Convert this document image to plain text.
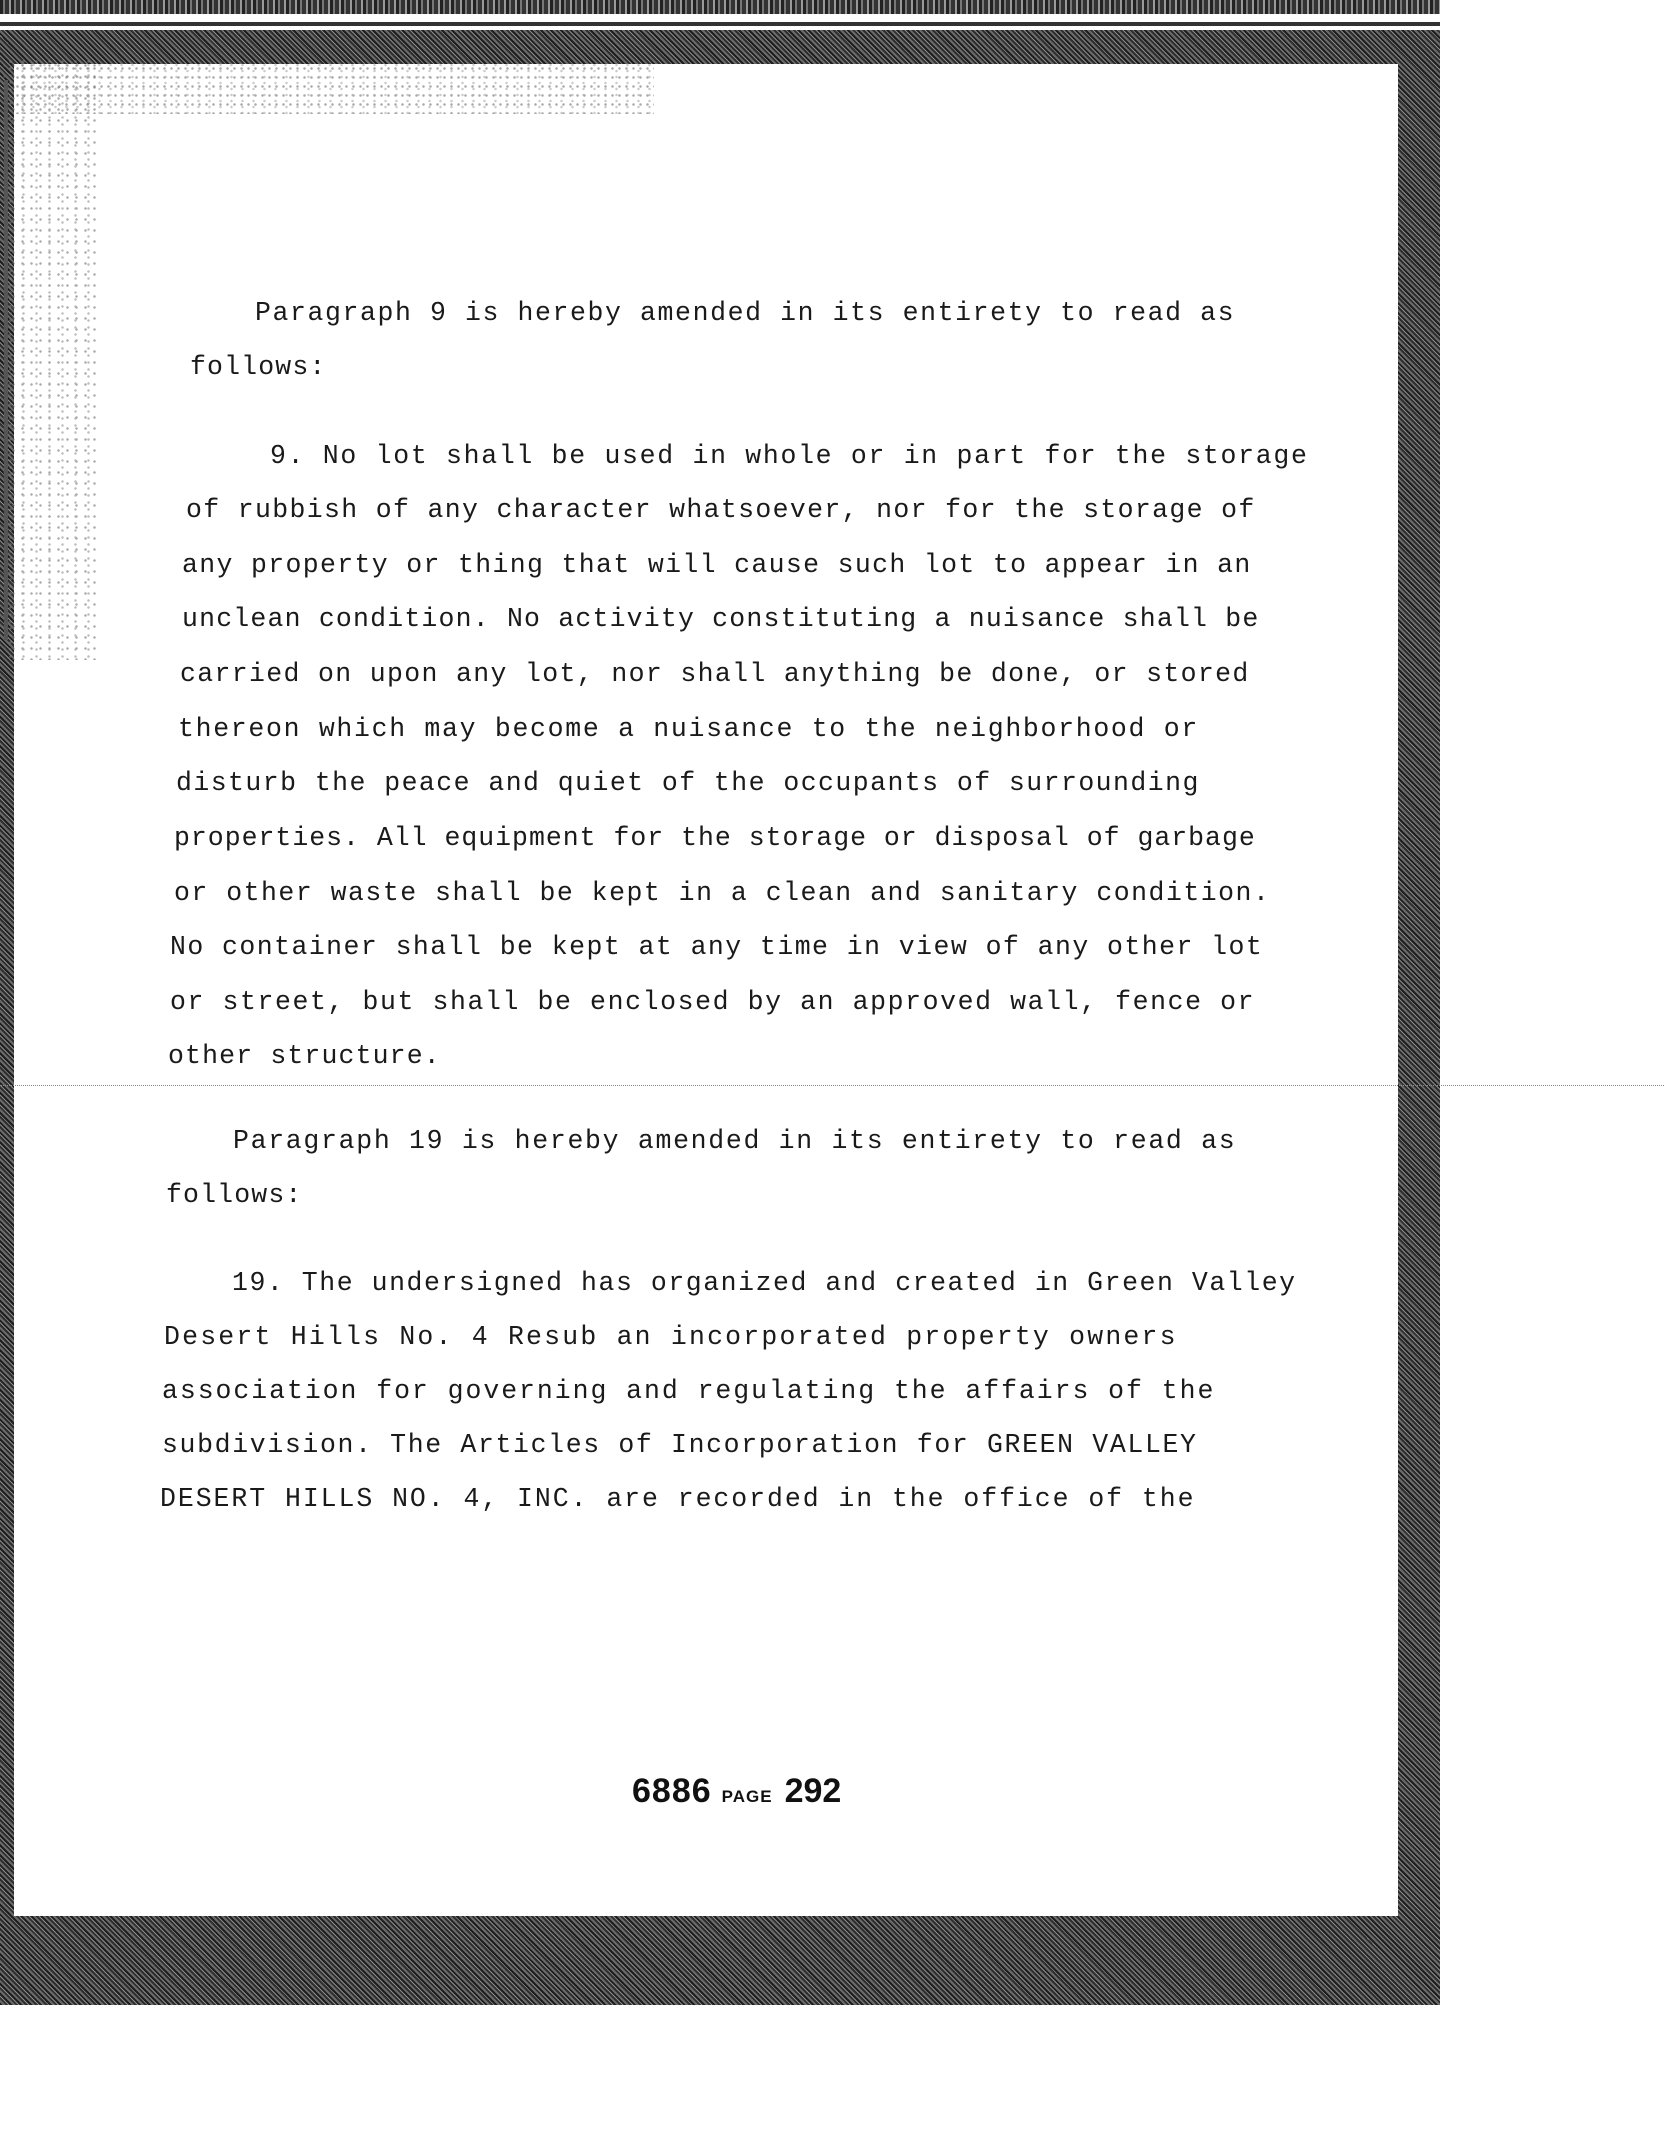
Paragraph 9 is hereby amended in its entirety to read as
follows:
9. No lot shall be used in whole or in part for the storage
of rubbish of any character whatsoever, nor for the storage of
any property or thing that will cause such lot to appear in an
unclean condition. No activity constituting a nuisance shall be
carried on upon any lot, nor shall anything be done, or stored
thereon which may become a nuisance to the neighborhood or
disturb the peace and quiet of the occupants of surrounding
properties. All equipment for the storage or disposal of garbage
or other waste shall be kept in a clean and sanitary condition.
No container shall be kept at any time in view of any other lot
or street, but shall be enclosed by an approved wall, fence or
other structure.
Paragraph 19 is hereby amended in its entirety to read as
follows:
19. The undersigned has organized and created in Green Valley
Desert Hills No. 4 Resub an incorporated property owners
association for governing and regulating the affairs of the
subdivision. The Articles of Incorporation for GREEN VALLEY
DESERT HILLS NO. 4, INC. are recorded in the office of the
6886 PAGE 292
